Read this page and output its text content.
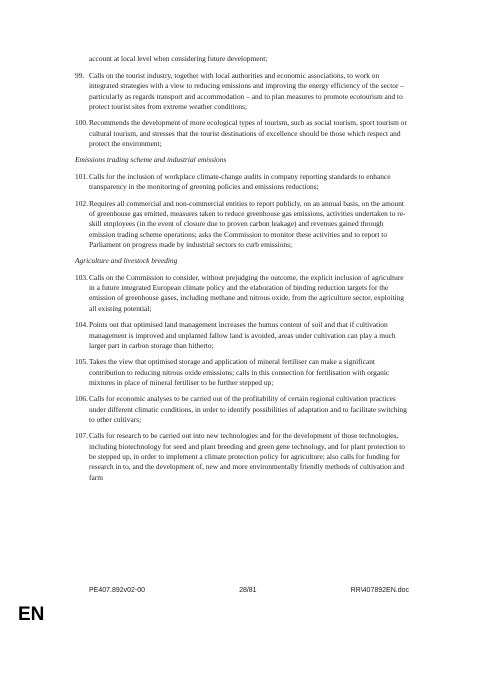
account at local level when considering future development;
99. Calls on the tourist industry, together with local authorities and economic associations, to work on integrated strategies with a view to reducing emissions and improving the energy efficiency of the sector – particularly as regards transport and accommodation – and to plan measures to promote ecotourism and to protect tourist sites from extreme weather conditions;
100. Recommends the development of more ecological types of tourism, such as social tourism, sport tourism or cultural tourism, and stresses that the tourist destinations of excellence should be those which respect and protect the environment;
Emissions trading scheme and industrial emissions
101. Calls for the inclusion of workplace climate-change audits in company reporting standards to enhance transparency in the monitoring of greening policies and emissions reductions;
102. Requires all commercial and non-commercial entities to report publicly, on an annual basis, on the amount of greenhouse gas emitted, measures taken to reduce greenhouse gas emissions, activities undertaken to re-skill employees (in the event of closure due to proven carbon leakage) and revenues gained through emission trading scheme operations; asks the Commission to monitor these activities and to report to Parliament on progress made by industrial sectors to curb emissions;
Agriculture and livestock breeding
103. Calls on the Commission to consider, without prejudging the outcome, the explicit inclusion of agriculture in a future integrated European climate policy and the elaboration of binding reduction targets for the emission of greenhouse gases, including methane and nitrous oxide, from the agriculture sector, exploiting all existing potential;
104. Points out that optimised land management increases the humus content of soil and that if cultivation management is improved and unplanted fallow land is avoided, areas under cultivation can play a much larger part in carbon storage than hitherto;
105. Takes the view that optimised storage and application of mineral fertiliser can make a significant contribution to reducing nitrous oxide emissions; calls in this connection for fertilisation with organic mixtures in place of mineral fertiliser to be further stepped up;
106. Calls for economic analyses to be carried out of the profitability of certain regional cultivation practices under different climatic conditions, in order to identify possibilities of adaptation and to facilitate switching to other cultivars;
107. Calls for research to be carried out into new technologies and for the development of those technologies, including biotechnology for seed and plant breeding and green gene technology, and for plant protection to be stepped up, in order to implement a climate protection policy for agriculture; also calls for funding for research in to, and the development of, new and more environmentally friendly methods of cultivation and farm
PE407.892v02-00	28/81	RR\407892EN.doc
EN
